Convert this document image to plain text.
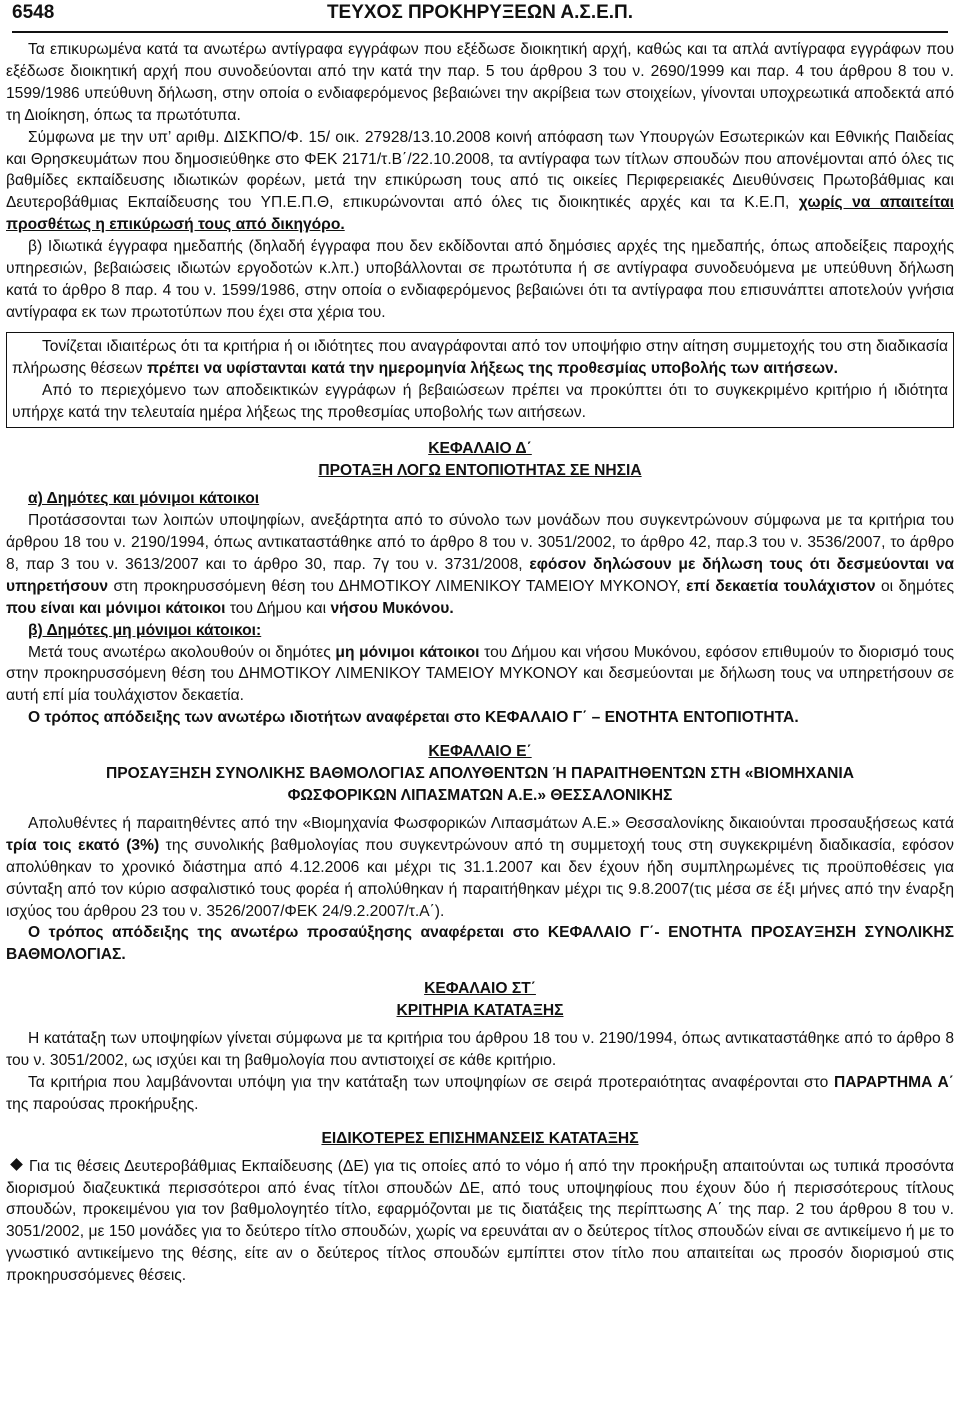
6548	ΤΕΥΧΟΣ ΠΡΟΚΗΡΥΞΕΩΝ Α.Σ.Ε.Π.

Τα επικυρωμένα κατά τα ανωτέρω αντίγραφα εγγράφων που εξέδωσε διοικητική αρχή, καθώς και τα απλά αντίγραφα εγγράφων που εξέδωσε διοικητική αρχή που συνοδεύονται από την κατά την παρ. 5 του άρθρου 3 του ν. 2690/1999 και παρ. 4 του άρθρου 8 του ν. 1599/1986 υπεύθυνη δήλωση, στην οποία ο ενδιαφερόμενος βεβαιώνει την ακρίβεια των στοιχείων, γίνονται υποχρεωτικά αποδεκτά από τη Διοίκηση, όπως τα πρωτότυπα.

Σύμφωνα με την υπ’ αριθμ. ΔΙΣΚΠΟ/Φ. 15/ οικ. 27928/13.10.2008 κοινή απόφαση των Υπουργών Εσωτερικών και Εθνικής Παιδείας και Θρησκευμάτων που δημοσιεύθηκε στο ΦΕΚ 2171/τ.Β΄/22.10.2008, τα αντίγραφα των τίτλων σπουδών που απονέμονται από όλες τις βαθμίδες εκπαίδευσης ιδιωτικών φορέων, μετά την επικύρωση τους από τις οικείες Περιφερειακές Διευθύνσεις Πρωτοβάθμιας και Δευτεροβάθμιας Εκπαίδευσης του ΥΠ.Ε.Π.Θ, επικυρώνονται από όλες τις διοικητικές αρχές και τα Κ.Ε.Π, χωρίς να απαιτείται προσθέτως η επικύρωσή τους από δικηγόρο.

β) Ιδιωτικά έγγραφα ημεδαπής (δηλαδή έγγραφα που δεν εκδίδονται από δημόσιες αρχές της ημεδαπής, όπως αποδείξεις παροχής υπηρεσιών, βεβαιώσεις ιδιωτών εργοδοτών κ.λπ.) υποβάλλονται σε πρωτότυπα ή σε αντίγραφα συνοδευόμενα με υπεύθυνη δήλωση κατά το άρθρο 8 παρ. 4 του ν. 1599/1986, στην οποία ο ενδιαφερόμενος βεβαιώνει ότι τα αντίγραφα που επισυνάπτει αποτελούν γνήσια αντίγραφα εκ των πρωτοτύπων που έχει στα χέρια του.

Τονίζεται ιδιαιτέρως ότι τα κριτήρια ή οι ιδιότητες που αναγράφονται από τον υποψήφιο στην αίτηση συμμετοχής του στη διαδικασία πλήρωσης θέσεων πρέπει να υφίστανται κατά την ημερομηνία λήξεως της προθεσμίας υποβολής των αιτήσεων.

Από το περιεχόμενο των αποδεικτικών εγγράφων ή βεβαιώσεων πρέπει να προκύπτει ότι το συγκεκριμένο κριτήριο ή ιδιότητα υπήρχε κατά την τελευταία ημέρα λήξεως της προθεσμίας υποβολής των αιτήσεων.

ΚΕΦΑΛΑΙΟ Δ΄

ΠΡΟΤΑΞΗ ΛΟΓΩ ΕΝΤΟΠΙΟΤΗΤΑΣ ΣΕ ΝΗΣΙΑ

α) Δημότες και μόνιμοι κάτοικοι

Προτάσσονται των λοιπών υποψηφίων, ανεξάρτητα από το σύνολο των μονάδων που συγκεντρώνουν σύμφωνα με τα κριτήρια του άρθρου 18 του ν. 2190/1994, όπως αντικαταστάθηκε από το άρθρο 8 του ν. 3051/2002, το άρθρο 42, παρ.3 του ν. 3536/2007, το άρθρο 8, παρ 3 του ν. 3613/2007 και το άρθρο 30, παρ. 7γ του ν. 3731/2008, εφόσον δηλώσουν με δήλωση τους ότι δεσμεύονται να υπηρετήσουν στη προκηρυσσόμενη θέση του ΔΗΜΟΤΙΚΟΥ ΛΙΜΕΝΙΚΟΥ ΤΑΜΕΙΟΥ ΜΥΚΟΝΟΥ, επί δεκαετία τουλάχιστον οι δημότες που είναι και μόνιμοι κάτοικοι του Δήμου και νήσου Μυκόνου.

β) Δημότες μη μόνιμοι κάτοικοι:

Μετά τους ανωτέρω ακολουθούν οι δημότες μη μόνιμοι κάτοικοι του Δήμου και νήσου Μυκόνου, εφόσον επιθυμούν το διορισμό τους στην προκηρυσσόμενη θέση του ΔΗΜΟΤΙΚΟΥ ΛΙΜΕΝΙΚΟΥ ΤΑΜΕΙΟΥ ΜΥΚΟΝΟΥ και δεσμεύονται με δήλωση τους να υπηρετήσουν σε αυτή επί μία τουλάχιστον δεκαετία.

Ο τρόπος απόδειξης των ανωτέρω ιδιοτήτων αναφέρεται στο ΚΕΦΑΛΑΙΟ Γ΄ – ΕΝΟΤΗΤΑ ΕΝΤΟΠΙΟΤΗΤΑ.

ΚΕΦΑΛΑΙΟ Ε΄

ΠΡΟΣΑΥΞΗΣΗ ΣΥΝΟΛΙΚΗΣ ΒΑΘΜΟΛΟΓΙΑΣ ΑΠΟΛΥΘΕΝΤΩΝ Ή ΠΑΡΑΙΤΗΘΕΝΤΩΝ ΣΤΗ «ΒΙΟΜΗΧΑΝΙΑ ΦΩΣΦΟΡΙΚΩΝ ΛΙΠΑΣΜΑΤΩΝ Α.Ε.» ΘΕΣΣΑΛΟΝΙΚΗΣ

Απολυθέντες ή παραιτηθέντες από την «Βιομηχανία Φωσφορικών Λιπασμάτων Α.Ε.» Θεσσαλονίκης δικαιούνται προσαυξήσεως κατά τρία τοις εκατό (3%) της συνολικής βαθμολογίας που συγκεντρώνουν από τη συμμετοχή τους στη συγκεκριμένη διαδικασία, εφόσον απολύθηκαν το χρονικό διάστημα από 4.12.2006 και μέχρι τις 31.1.2007 και δεν έχουν ήδη συμπληρωμένες τις προϋποθέσεις για σύνταξη από τον κύριο ασφαλιστικό τους φορέα ή απολύθηκαν ή παραιτήθηκαν μέχρι τις 9.8.2007(τις μέσα σε έξι μήνες από την έναρξη ισχύος του άρθρου 23 του ν. 3526/2007/ΦΕΚ 24/9.2.2007/τ.Α΄).

Ο τρόπος απόδειξης της ανωτέρω προσαύξησης αναφέρεται στο ΚΕΦΑΛΑΙΟ Γ΄- ΕΝΟΤΗΤΑ ΠΡΟΣΑΥΞΗΣΗ ΣΥΝΟΛΙΚΗΣ ΒΑΘΜΟΛΟΓΙΑΣ.

ΚΕΦΑΛΑΙΟ ΣΤ΄

ΚΡΙΤΗΡΙΑ ΚΑΤΑΤΑΞΗΣ

Η κατάταξη των υποψηφίων γίνεται σύμφωνα με τα κριτήρια του άρθρου 18 του ν. 2190/1994, όπως αντικαταστάθηκε από το άρθρο 8 του ν. 3051/2002, ως ισχύει και τη βαθμολογία που αντιστοιχεί σε κάθε κριτήριο.

Τα κριτήρια που λαμβάνονται υπόψη για την κατάταξη των υποψηφίων σε σειρά προτεραιότητας αναφέρονται στο ΠΑΡΑΡΤΗΜΑ Α΄ της παρούσας προκήρυξης.

ΕΙΔΙΚΟΤΕΡΕΣ ΕΠΙΣΗΜΑΝΣΕΙΣ ΚΑΤΑΤΑΞΗΣ

Για τις θέσεις Δευτεροβάθμιας Εκπαίδευσης (ΔΕ) για τις οποίες από το νόμο ή από την προκήρυξη απαιτούνται ως τυπικά προσόντα διορισμού διαζευκτικά περισσότεροι από ένας τίτλοι σπουδών ΔΕ, από τους υποψηφίους που έχουν δύο ή περισσότερους τίτλους σπουδών, προκειμένου για τον βαθμολογητέο τίτλο, εφαρμόζονται με τις διατάξεις της περίπτωσης Α΄ της παρ. 2 του άρθρου 8 του ν. 3051/2002, με 150 μονάδες για το δεύτερο τίτλο σπουδών, χωρίς να ερευνάται αν ο δεύτερος τίτλος σπουδών είναι σε αντικείμενο ή με το γνωστικό αντικείμενο της θέσης, είτε αν ο δεύτερος τίτλος σπουδών εμπίπτει στον τίτλο που απαιτείται ως προσόν διορισμού στις προκηρυσσόμενες θέσεις.
